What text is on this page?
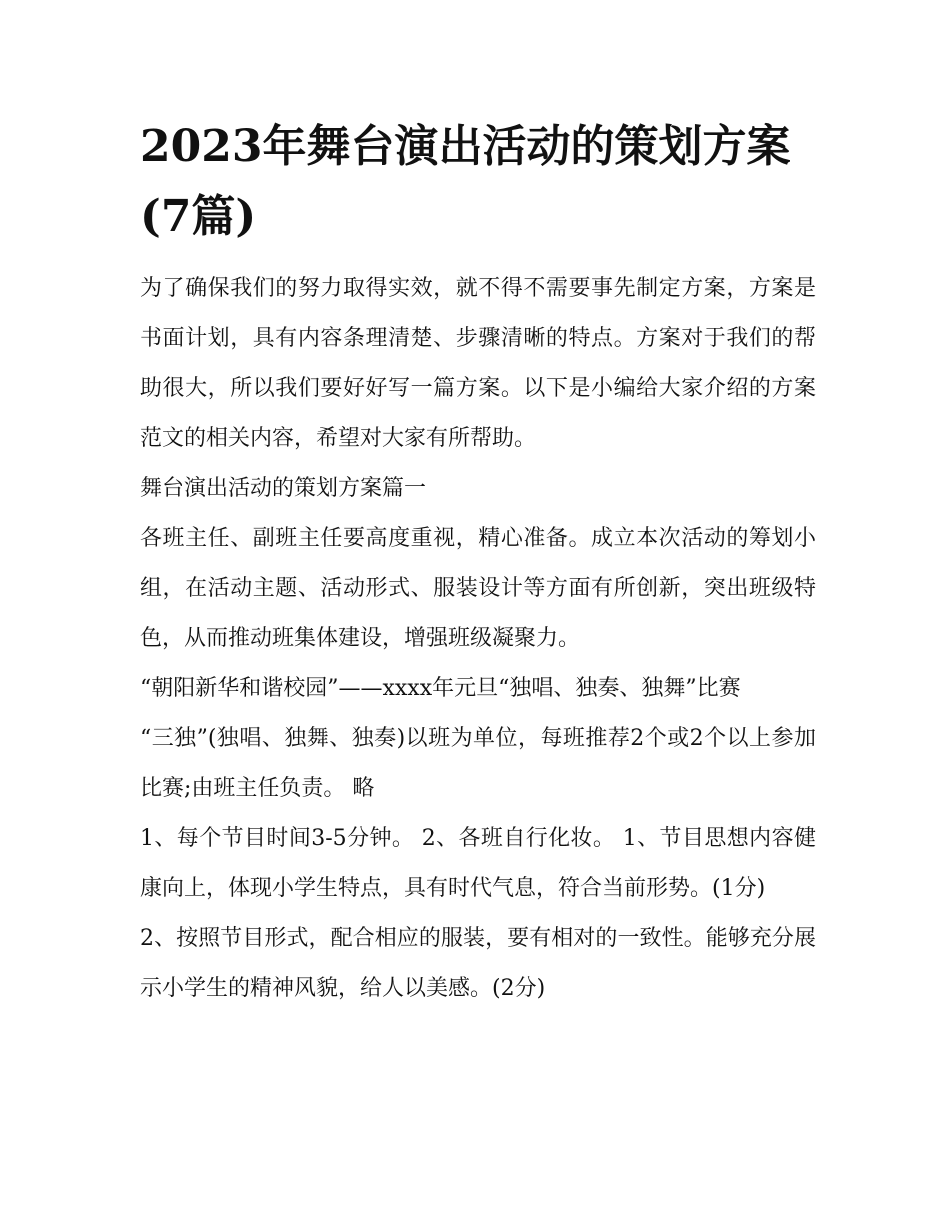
2023年舞台演出活动的策划方案(7篇)

为了确保我们的努力取得实效，就不得不需要事先制定方案，方案是书面计划，具有内容条理清楚、步骤清晰的特点。方案对于我们的帮助很大，所以我们要好好写一篇方案。以下是小编给大家介绍的方案范文的相关内容，希望对大家有所帮助。

舞台演出活动的策划方案篇一

各班主任、副班主任要高度重视，精心准备。成立本次活动的筹划小组，在活动主题、活动形式、服装设计等方面有所创新，突出班级特色，从而推动班集体建设，增强班级凝聚力。

“朝阳新华和谐校园”——xxxx年元旦“独唱、独奏、独舞”比赛

“三独”(独唱、独舞、独奏)以班为单位，每班推荐2个或2个以上参加比赛;由班主任负责。 略

1、每个节目时间3-5分钟。 2、各班自行化妆。 1、节目思想内容健康向上，体现小学生特点，具有时代气息，符合当前形势。(1分)

2、按照节目形式，配合相应的服装，要有相对的一致性。能够充分展示小学生的精神风貌，给人以美感。(2分)
